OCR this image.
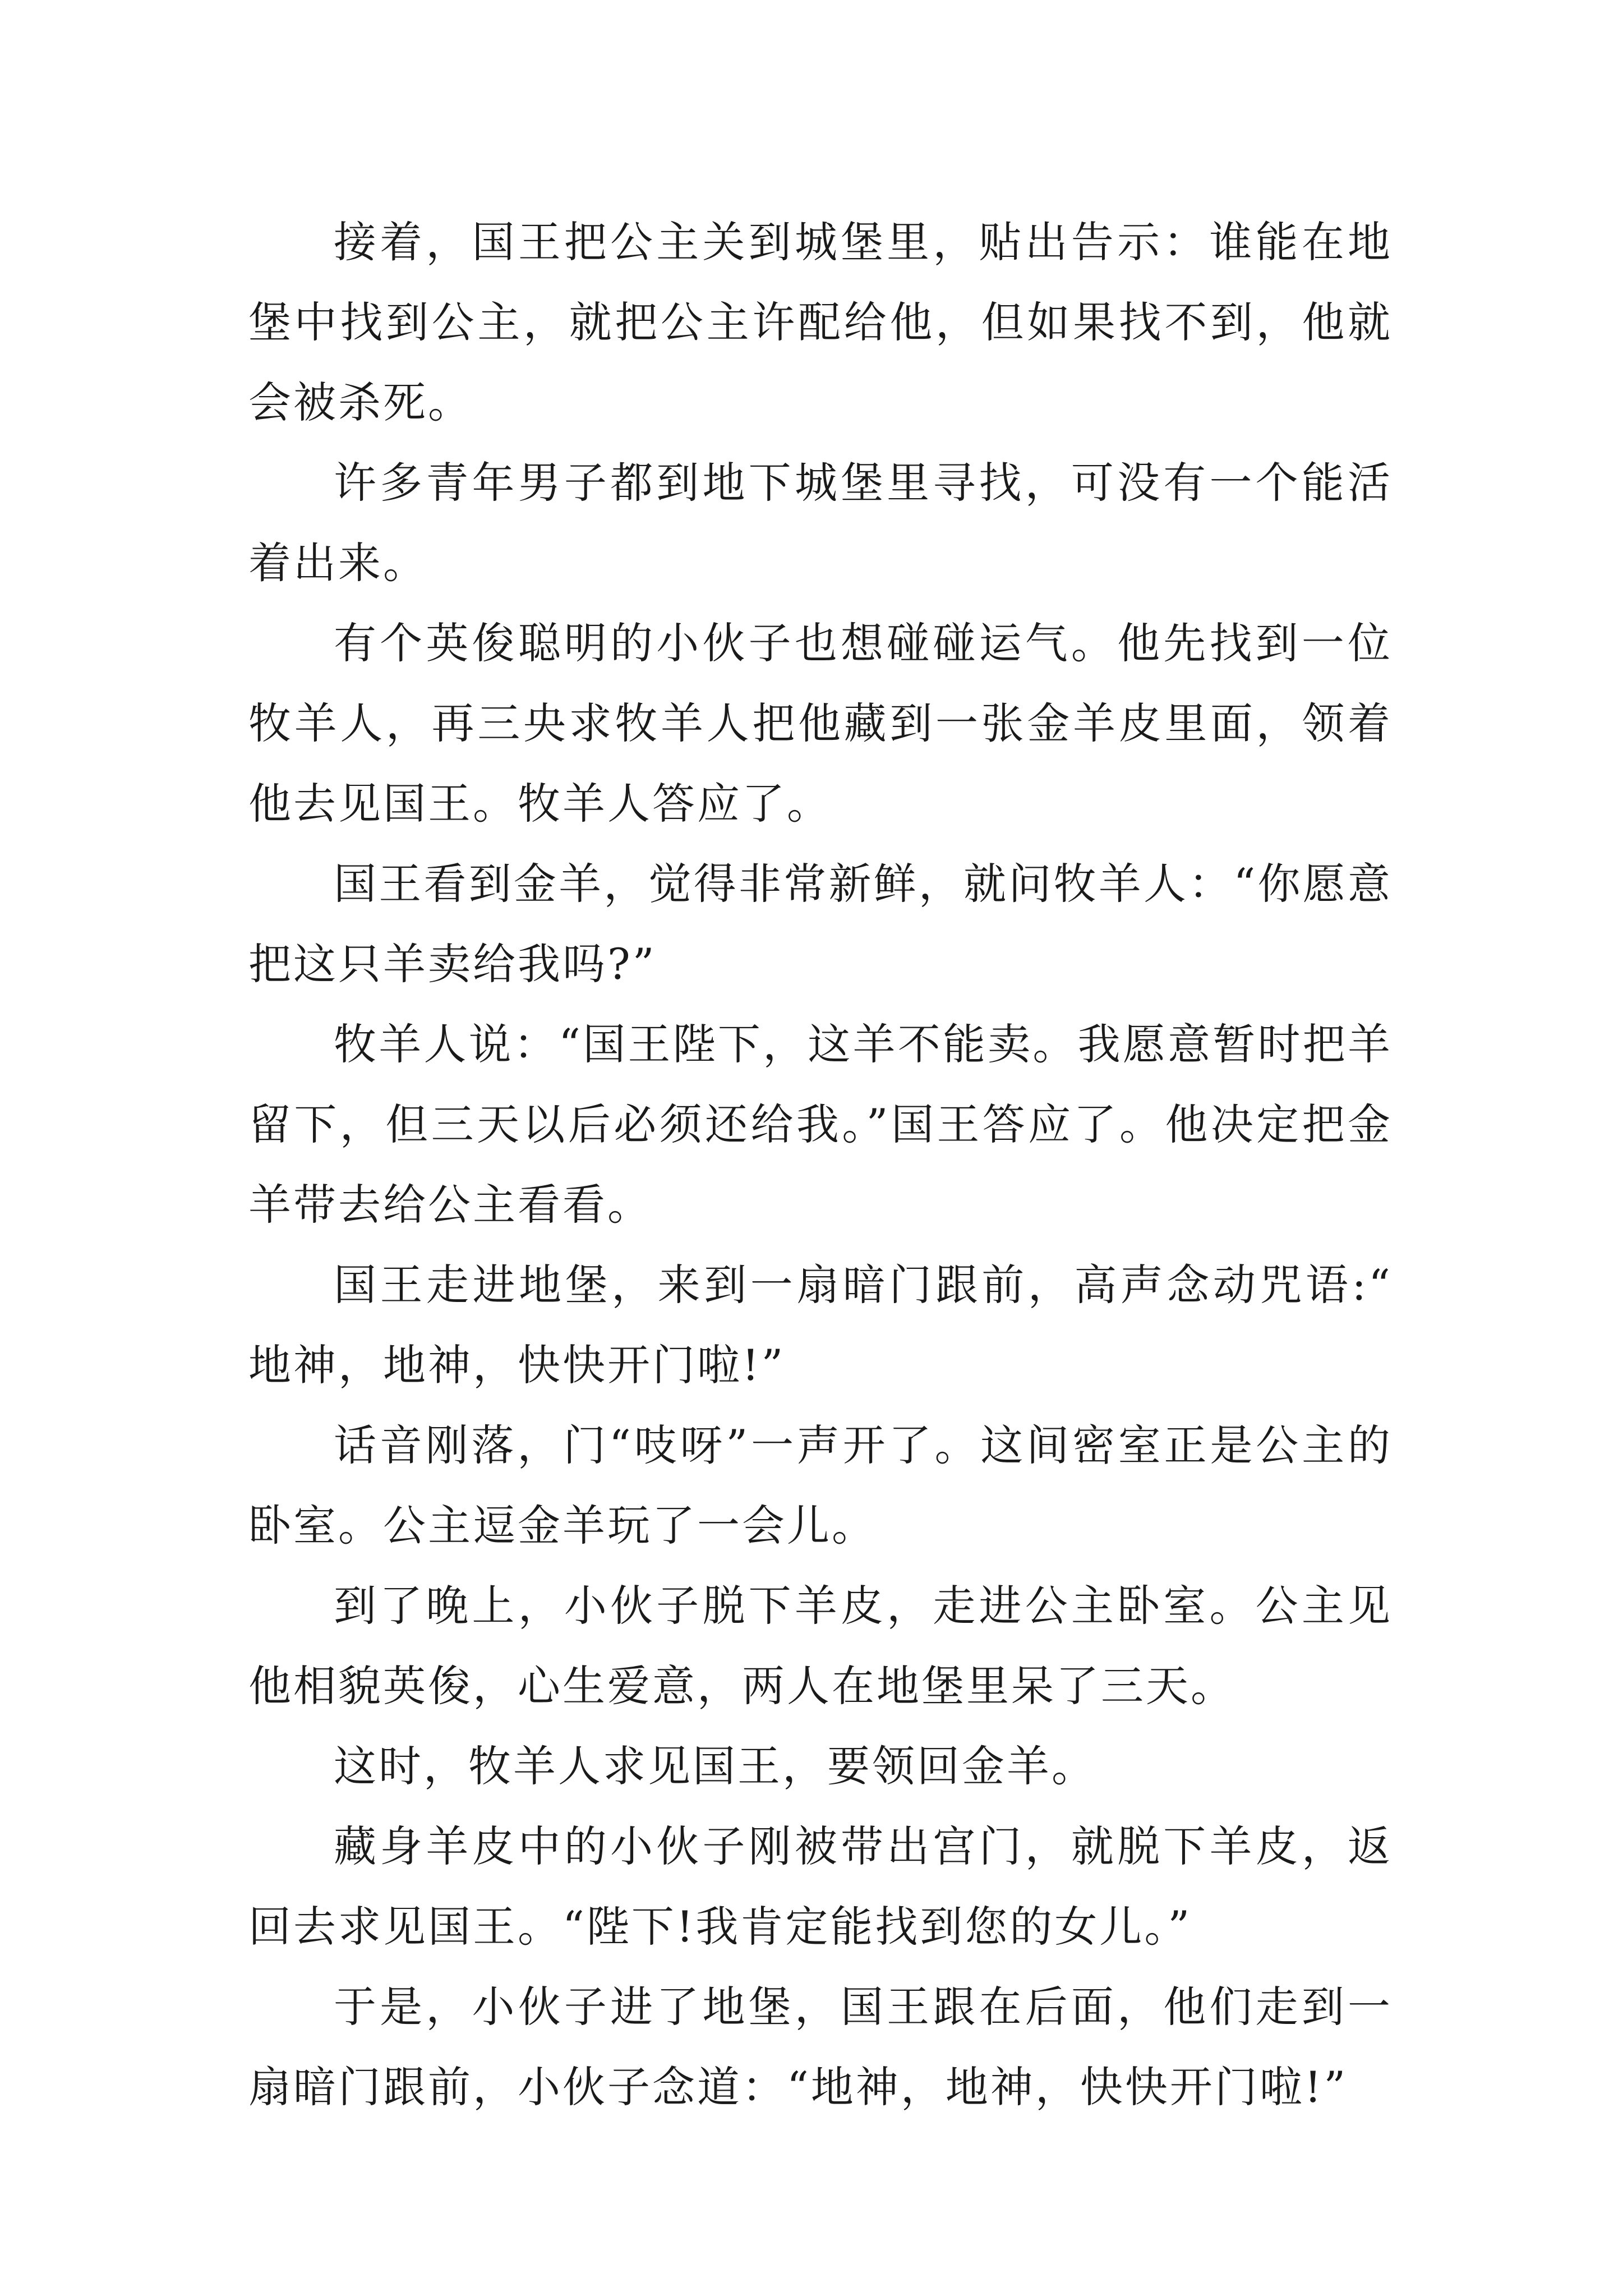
接着，国王把公主关到城堡里，贴出告示：谁能在地堡中找到公主，就把公主许配给他，但如果找不到，他就会被杀死。

许多青年男子都到地下城堡里寻找，可没有一个能活着出来。

有个英俊聪明的小伙子也想碰碰运气。他先找到一位牧羊人，再三央求牧羊人把他藏到一张金羊皮里面，领着他去见国王。牧羊人答应了。

国王看到金羊，觉得非常新鲜，就问牧羊人：“你愿意把这只羊卖给我吗?”

牧羊人说：“国王陛下，这羊不能卖。我愿意暂时把羊留下，但三天以后必须还给我。”国王答应了。他决定把金羊带去给公主看看。

国王走进地堡，来到一扇暗门跟前，高声念动咒语:“地神，地神，快快开门啦!”

话音刚落，门“吱呀”一声开了。这间密室正是公主的卧室。公主逗金羊玩了一会儿。

到了晚上，小伙子脱下羊皮，走进公主卧室。公主见他相貌英俊，心生爱意，两人在地堡里呆了三天。

这时，牧羊人求见国王，要领回金羊。

藏身羊皮中的小伙子刚被带出宫门，就脱下羊皮，返回去求见国王。“陛下!我肯定能找到您的女儿。”

于是，小伙子进了地堡，国王跟在后面，他们走到一扇暗门跟前，小伙子念道：“地神，地神，快快开门啦!”
